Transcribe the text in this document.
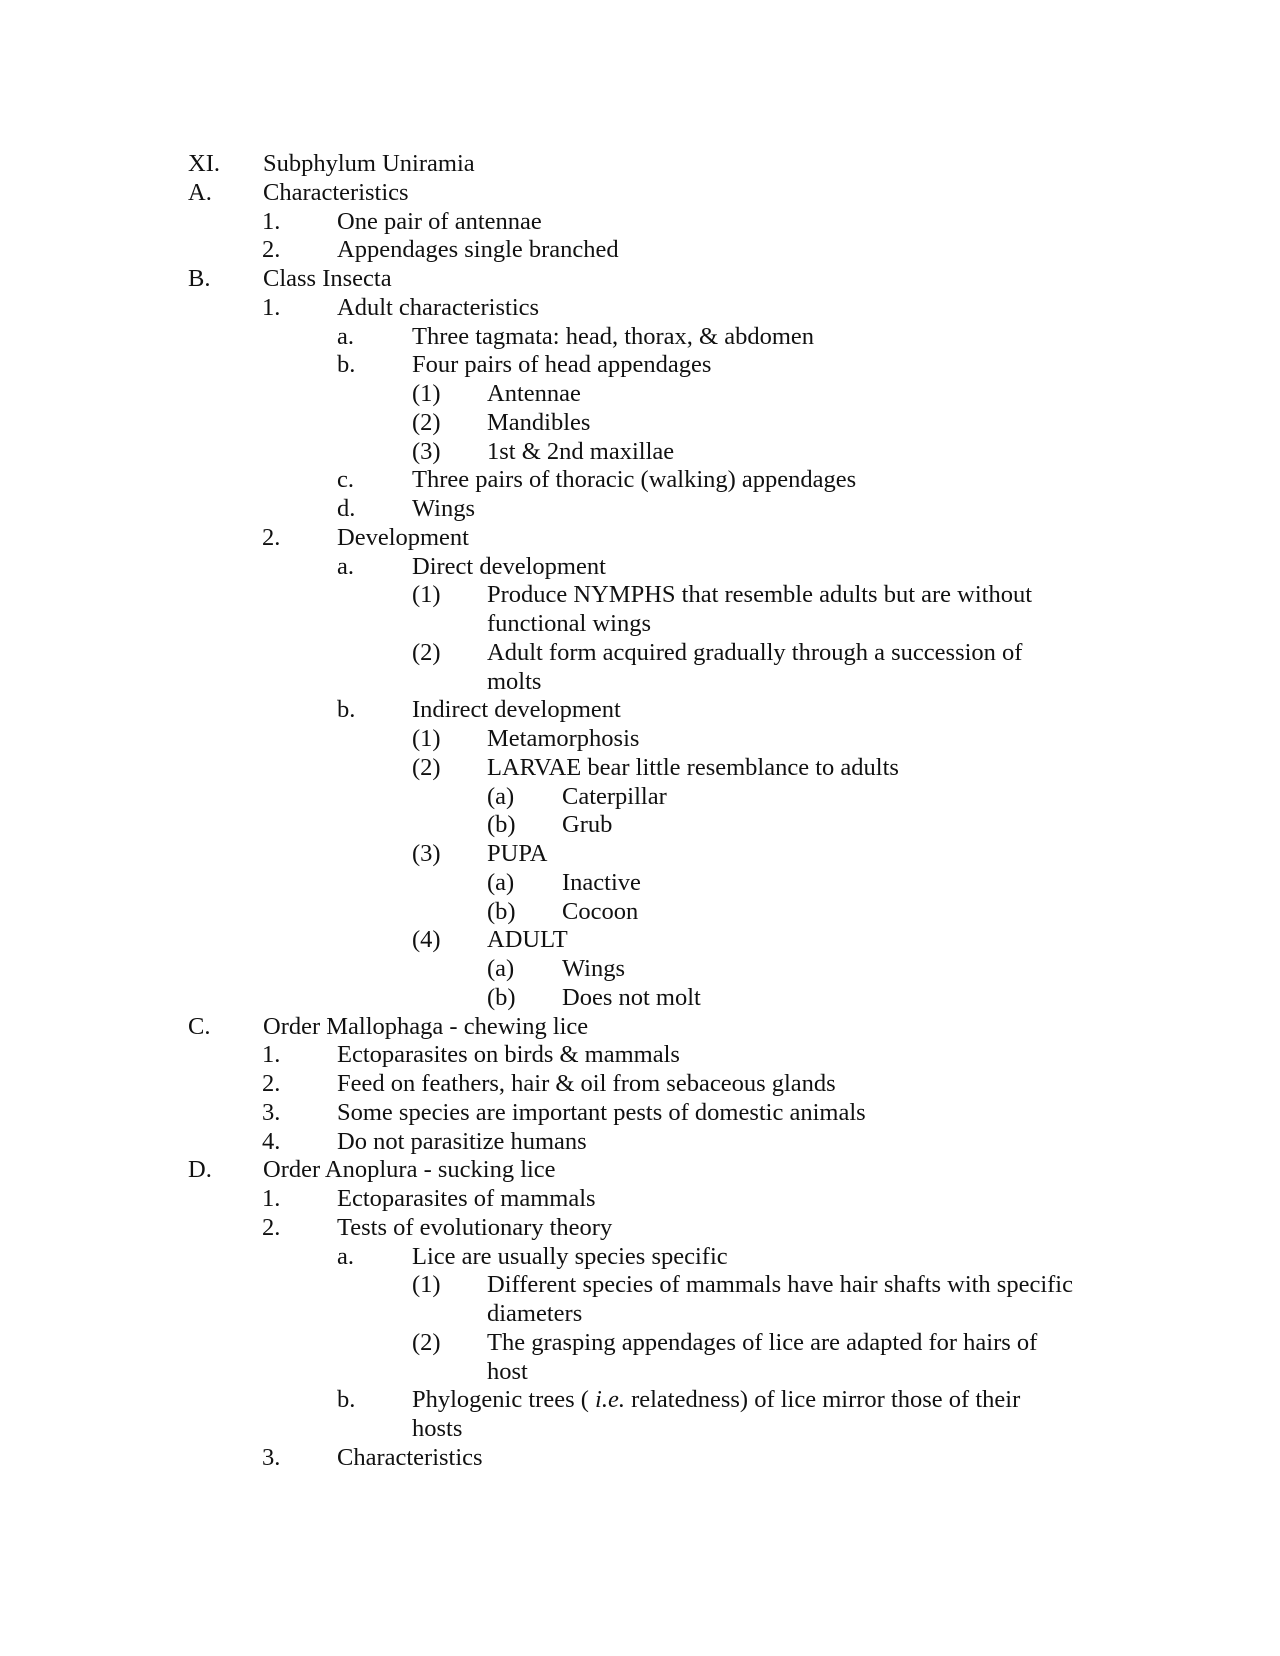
XI. Subphylum Uniramia
A. Characteristics
1. One pair of antennae
2. Appendages single branched
B. Class Insecta
1. Adult characteristics
a. Three tagmata: head, thorax, & abdomen
b. Four pairs of head appendages
(1) Antennae
(2) Mandibles
(3) 1st & 2nd maxillae
c. Three pairs of thoracic (walking) appendages
d. Wings
2. Development
a. Direct development
(1) Produce NYMPHS that resemble adults but are without
functional wings
(2) Adult form acquired gradually through a succession of
molts
b. Indirect development
(1) Metamorphosis
(2) LARVAE bear little resemblance to adults
(a) Caterpillar
(b) Grub
(3) PUPA
(a) Inactive
(b) Cocoon
(4) ADULT
(a) Wings
(b) Does not molt
C. Order Mallophaga - chewing lice
1. Ectoparasites on birds & mammals
2. Feed on feathers, hair & oil from sebaceous glands
3. Some species are important pests of domestic animals
4. Do not parasitize humans
D. Order Anoplura - sucking lice
1. Ectoparasites of mammals
2. Tests of evolutionary theory
a. Lice are usually species specific
(1) Different species of mammals have hair shafts with specific
diameters
(2) The grasping appendages of lice are adapted for hairs of
host
b. Phylogenic trees ( i.e. relatedness) of lice mirror those of their
hosts
3. Characteristics
